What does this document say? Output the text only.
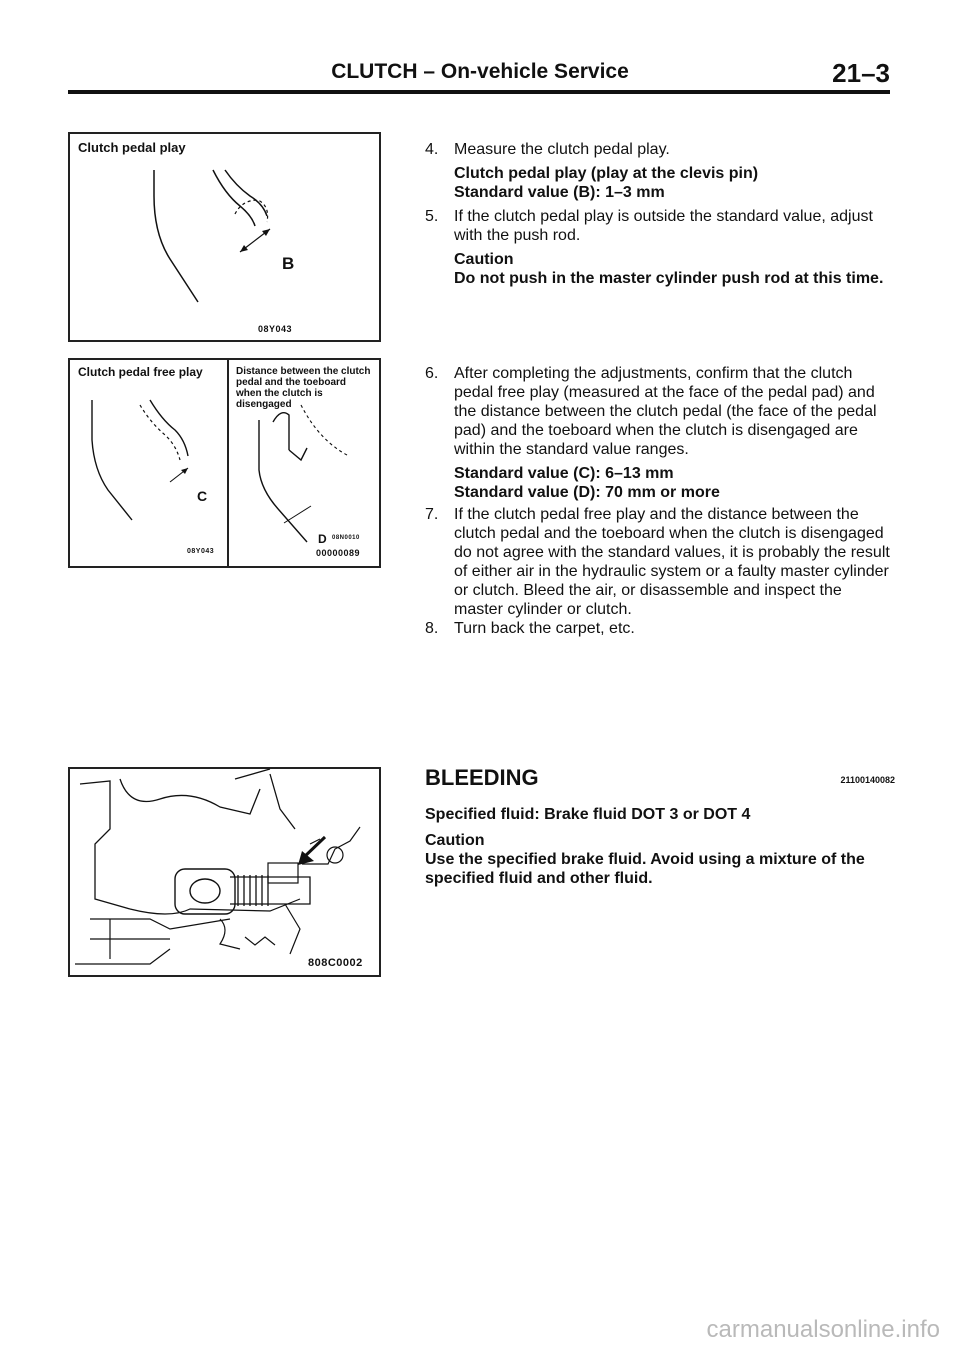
CLUTCH – On-vehicle Service	21–3
Clutch pedal play
B
08Y043
Clutch pedal free play	Distance between the clutch pedal and the toeboard when the clutch is disengaged
C
08Y043
D 08N0010
00000089
808C0002
4. Measure the clutch pedal play.

Clutch pedal play (play at the clevis pin)

Standard value (B): 1–3 mm

5. If the clutch pedal play is outside the standard value, adjust with the push rod.

Caution

Do not push in the master cylinder push rod at this time.

6. After completing the adjustments, confirm that the clutch pedal free play (measured at the face of the pedal pad) and the distance between the clutch pedal (the face of the pedal pad) and the toeboard when the clutch is disengaged are within the standard value ranges.

Standard value (C): 6–13 mm

Standard value (D): 70 mm or more

7. If the clutch pedal free play and the distance between the clutch pedal and the toeboard when the clutch is disengaged do not agree with the standard values, it is probably the result of either air in the hydraulic system or a faulty master cylinder or clutch. Bleed the air, or disassemble and inspect the master cylinder or clutch.

8. Turn back the carpet, etc.

BLEEDING	21100140082
Specified fluid: Brake fluid DOT 3 or DOT 4
Caution
Use the specified brake fluid. Avoid using a mixture of the specified fluid and other fluid.
carmanualsonline.info
